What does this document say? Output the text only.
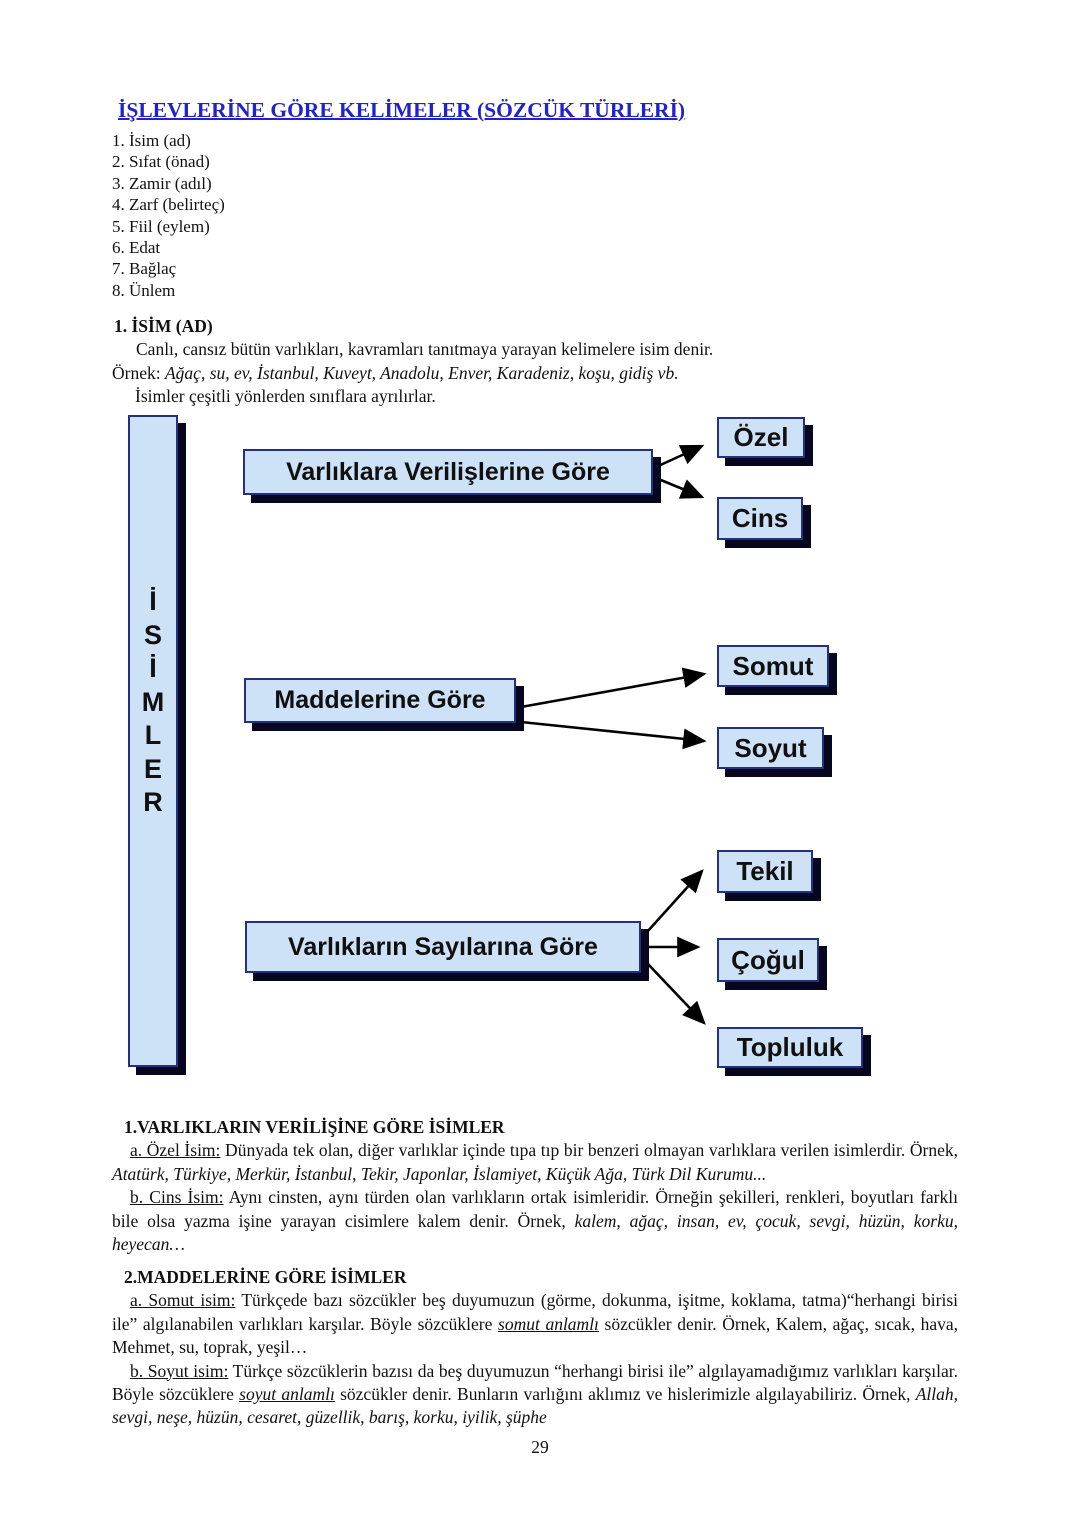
İŞLEVLERİNE GÖRE KELİMELER (SÖZCÜK TÜRLERİ)
1. İsim (ad)
2. Sıfat (önad)
3. Zamir (adıl)
4. Zarf (belirteç)
5. Fiil (eylem)
6. Edat
7. Bağlaç
8. Ünlem
1. İSİM (AD)
Canlı, cansız bütün varlıkları, kavramları tanıtmaya yarayan kelimelere isim denir.
Örnek: Ağaç, su, ev, İstanbul, Kuveyt, Anadolu, Enver, Karadeniz, koşu, gidiş vb.
İsimler çeşitli yönlerden sınıflara ayrılırlar.
İ
S
İ
M
L
E
R
Varlıklara Verilişlerine Göre
Özel
Cins
Maddelerine Göre
Somut
Soyut
Varlıkların Sayılarına Göre
Tekil
Çoğul
Topluluk
1.VARLIKLARIN VERİLİŞİNE GÖRE İSİMLER

a. Özel İsim: Dünyada tek olan, diğer varlıklar içinde tıpa tıp bir benzeri olmayan varlıklara verilen isimlerdir. Örnek, Atatürk, Türkiye, Merkür, İstanbul, Tekir, Japonlar, İslamiyet, Küçük Ağa, Türk Dil Kurumu...

b. Cins İsim: Aynı cinsten, aynı türden olan varlıkların ortak isimleridir. Örneğin şekilleri, renkleri, boyutları farklı bile olsa yazma işine yarayan cisimlere kalem denir. Örnek, kalem, ağaç, insan, ev, çocuk, sevgi, hüzün, korku, heyecan…

2.MADDELERİNE GÖRE İSİMLER

a. Somut isim: Türkçede bazı sözcükler beş duyumuzun (görme, dokunma, işitme, koklama, tatma)“herhangi birisi ile” algılanabilen varlıkları karşılar. Böyle sözcüklere somut anlamlı sözcükler denir. Örnek, Kalem, ağaç, sıcak, hava, Mehmet, su, toprak, yeşil…

b. Soyut isim: Türkçe sözcüklerin bazısı da beş duyumuzun “herhangi birisi ile” algılayamadığımız varlıkları karşılar. Böyle sözcüklere soyut anlamlı sözcükler denir. Bunların varlığını aklımız ve hislerimizle algılayabiliriz. Örnek, Allah, sevgi, neşe, hüzün, cesaret, güzellik, barış, korku, iyilik, şüphe

29
